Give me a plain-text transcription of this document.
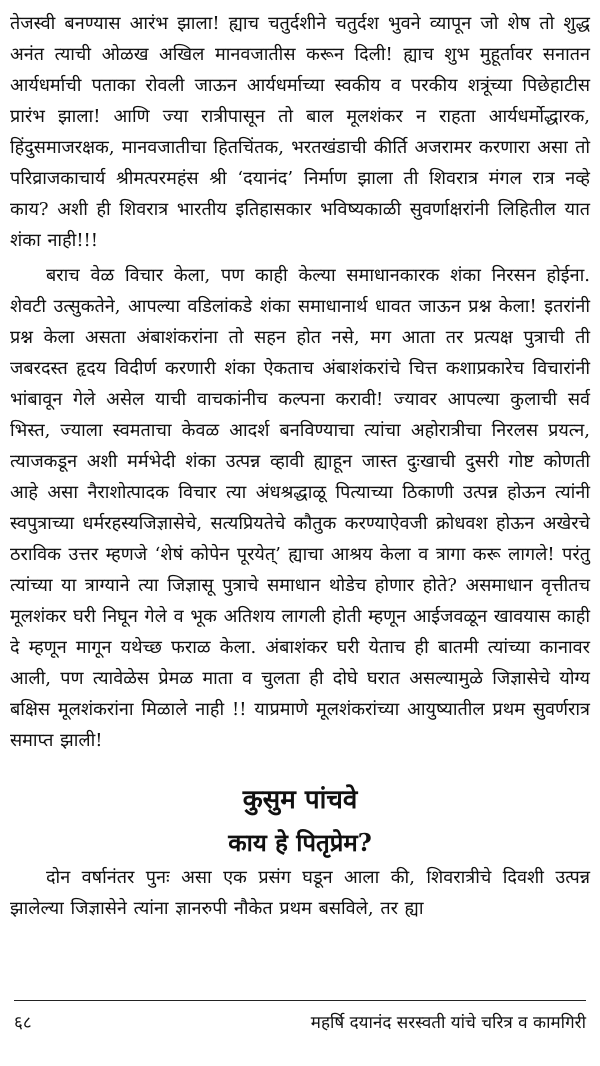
तेजस्वी बनण्यास आरंभ झाला! ह्याच चतुर्दशीने चतुर्दश भुवने व्यापून जो शेष तो शुद्ध अनंत त्याची ओळख अखिल मानवजातीस करून दिली! ह्याच शुभ मुहूर्तावर सनातन आर्यधर्माची पताका रोवली जाऊन आर्यधर्माच्या स्वकीय व परकीय शत्रूंच्या पिछेहाटीस प्रारंभ झाला! आणि ज्या रात्रीपासून तो बाल मूलशंकर न राहता आर्यधर्मोद्धारक, हिंदुसमाजरक्षक, मानवजातीचा हितचिंतक, भरतखंडाची कीर्ति अजरामर करणारा असा तो परिव्राजकाचार्य श्रीमत्परमहंस श्री ‘दयानंद’ निर्माण झाला ती शिवरात्र मंगल रात्र नव्हे काय? अशी ही शिवरात्र भारतीय इतिहासकार भविष्यकाळी सुवर्णाक्षरांनी लिहितील यात शंका नाही!!!

बराच वेळ विचार केला, पण काही केल्या समाधानकारक शंका निरसन होईना. शेवटी उत्सुकतेने, आपल्या वडिलांकडे शंका समाधानार्थ धावत जाऊन प्रश्न केला! इतरांनी प्रश्न केला असता अंबाशंकरांना तो सहन होत नसे, मग आता तर प्रत्यक्ष पुत्राची ती जबरदस्त हृदय विदीर्ण करणारी शंका ऐकताच अंबाशंकरांचे चित्त कशाप्रकारेच विचारांनी भांबावून गेले असेल याची वाचकांनीच कल्पना करावी! ज्यावर आपल्या कुलाची सर्व भिस्त, ज्याला स्वमताचा केवळ आदर्श बनविण्याचा त्यांचा अहोरात्रीचा निरलस प्रयत्न, त्याजकडून अशी मर्मभेदी शंका उत्पन्न व्हावी ह्याहून जास्त दुःखाची दुसरी गोष्ट कोणती आहे असा नैराशोत्पादक विचार त्या अंधश्रद्धाळू पित्याच्या ठिकाणी उत्पन्न होऊन त्यांनी स्वपुत्राच्या धर्मरहस्यजिज्ञासेचे, सत्यप्रियतेचे कौतुक करण्याऐवजी क्रोधवश होऊन अखेरचे ठराविक उत्तर म्हणजे ‘शेषं कोपेन पूरयेत्’ ह्याचा आश्रय केला व त्रागा करू लागले! परंतु त्यांच्या या त्राग्याने त्या जिज्ञासू पुत्राचे समाधान थोडेच होणार होते? असमाधान वृत्तीतच मूलशंकर घरी निघून गेले व भूक अतिशय लागली होती म्हणून आईजवळून खावयास काही दे म्हणून मागून यथेच्छ फराळ केला. अंबाशंकर घरी येताच ही बातमी त्यांच्या कानावर आली, पण त्यावेळेस प्रेमळ माता व चुलता ही दोघे घरात असल्यामुळे जिज्ञासेचे योग्य बक्षिस मूलशंकरांना मिळाले नाही !! याप्रमाणे मूलशंकरांच्या आयुष्यातील प्रथम सुवर्णरात्र समाप्त झाली!

कुसुम पांचवे
काय हे पितृप्रेम?

दोन वर्षानंतर पुनः असा एक प्रसंग घडून आला की, शिवरात्रीचे दिवशी उत्पन्न झालेल्या जिज्ञासेने त्यांना ज्ञानरुपी नौकेत प्रथम बसविले, तर ह्या

६८	महर्षि दयानंद सरस्वती यांचे चरित्र व कामगिरी
